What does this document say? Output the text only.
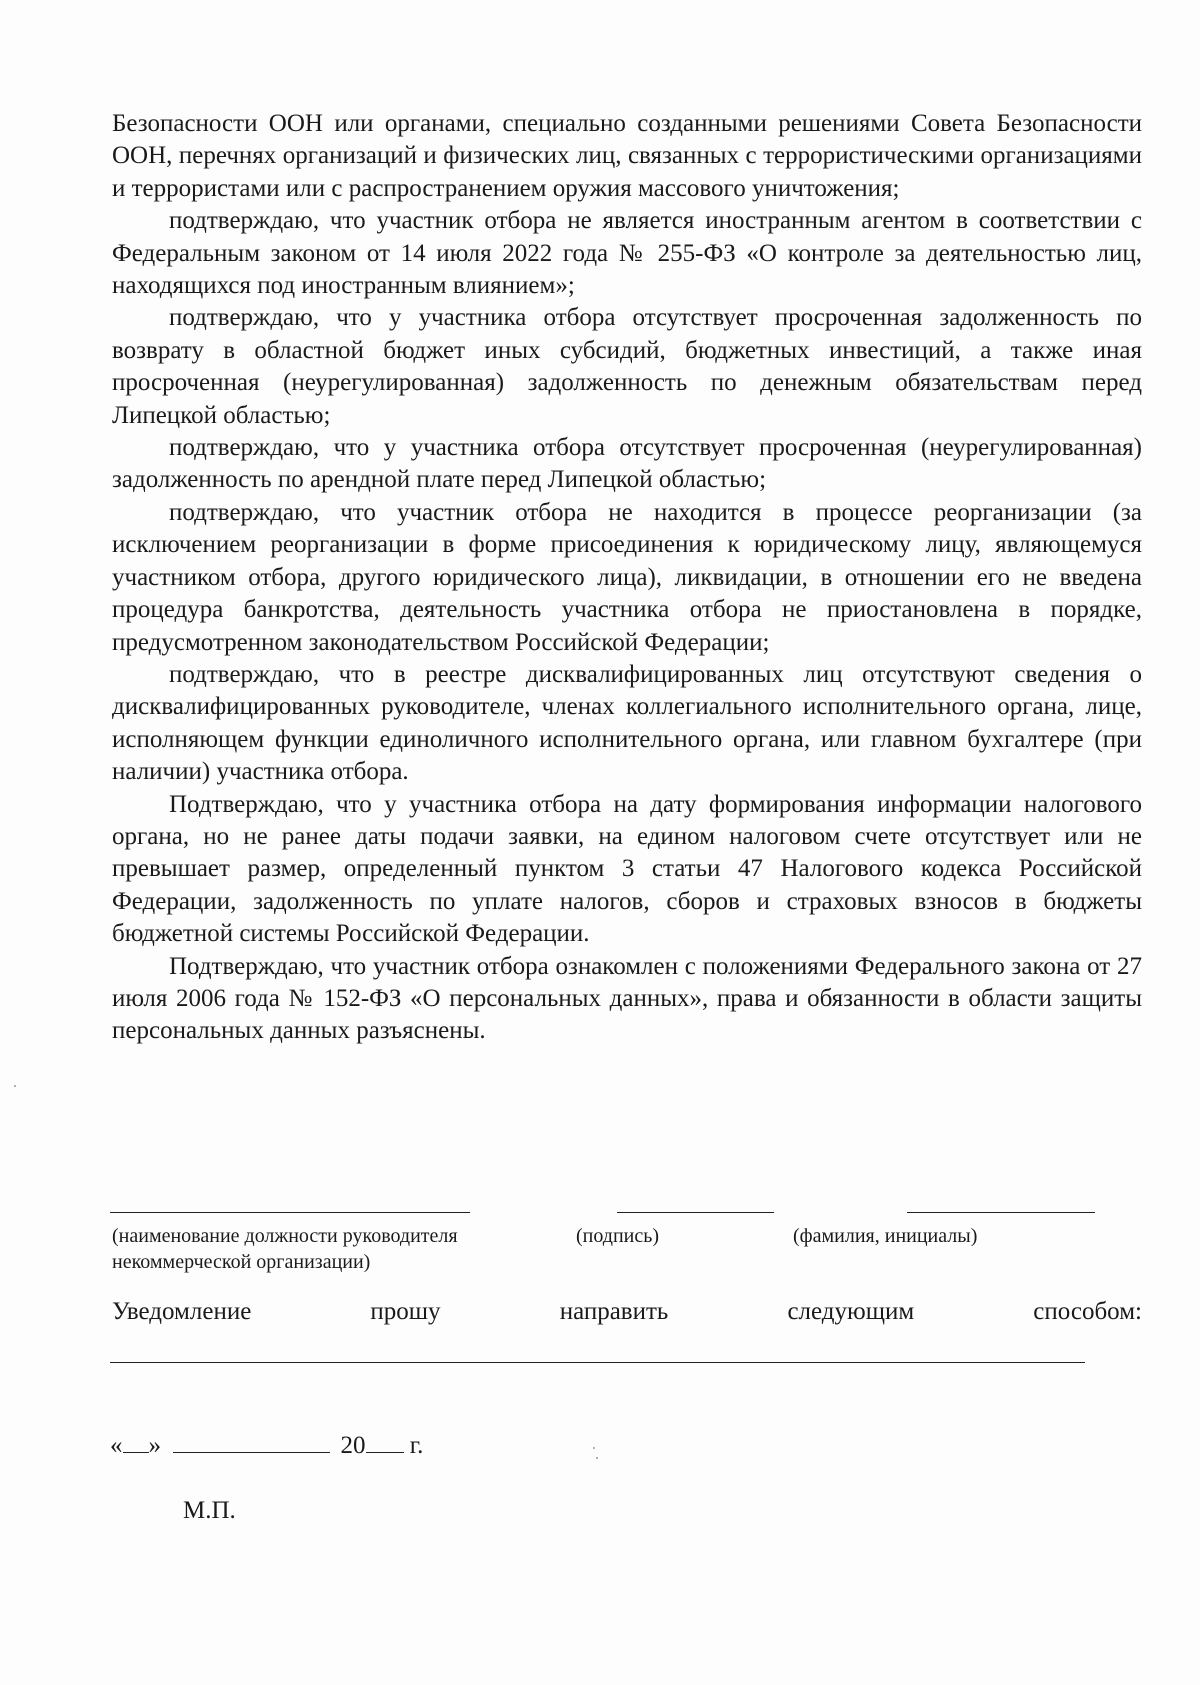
Безопасности ООН или органами, специально созданными решениями Совета Безопасности ООН, перечнях организаций и физических лиц, связанных с террористическими организациями и террористами или с распространением оружия массового уничтожения;

подтверждаю, что участник отбора не является иностранным агентом в соответствии с Федеральным законом от 14 июля 2022 года № 255-ФЗ «О контроле за деятельностью лиц, находящихся под иностранным влиянием»;

подтверждаю, что у участника отбора отсутствует просроченная задолженность по возврату в областной бюджет иных субсидий, бюджетных инвестиций, а также иная просроченная (неурегулированная) задолженность по денежным обязательствам перед Липецкой областью;

подтверждаю, что у участника отбора отсутствует просроченная (неурегулированная) задолженность по арендной плате перед Липецкой областью;

подтверждаю, что участник отбора не находится в процессе реорганизации (за исключением реорганизации в форме присоединения к юридическому лицу, являющемуся участником отбора, другого юридического лица), ликвидации, в отношении его не введена процедура банкротства, деятельность участника отбора не приостановлена в порядке, предусмотренном законодательством Российской Федерации;

подтверждаю, что в реестре дисквалифицированных лиц отсутствуют сведения о дисквалифицированных руководителе, членах коллегиального исполнительного органа, лице, исполняющем функции единоличного исполнительного органа, или главном бухгалтере (при наличии) участника отбора.

Подтверждаю, что у участника отбора на дату формирования информации налогового органа, но не ранее даты подачи заявки, на едином налоговом счете отсутствует или не превышает размер, определенный пунктом 3 статьи 47 Налогового кодекса Российской Федерации, задолженность по уплате налогов, сборов и страховых взносов в бюджеты бюджетной системы Российской Федерации.

Подтверждаю, что участник отбора ознакомлен с положениями Федерального закона от 27 июля 2006 года № 152-ФЗ «О персональных данных», права и обязанности в области защиты персональных данных разъяснены.

(наименование должности руководителя некоммерческой организации)
(подпись)	(фамилия, инициалы)
Уведомление	прошу	направить	следующим	способом:
« »	20 г.
М.П.
